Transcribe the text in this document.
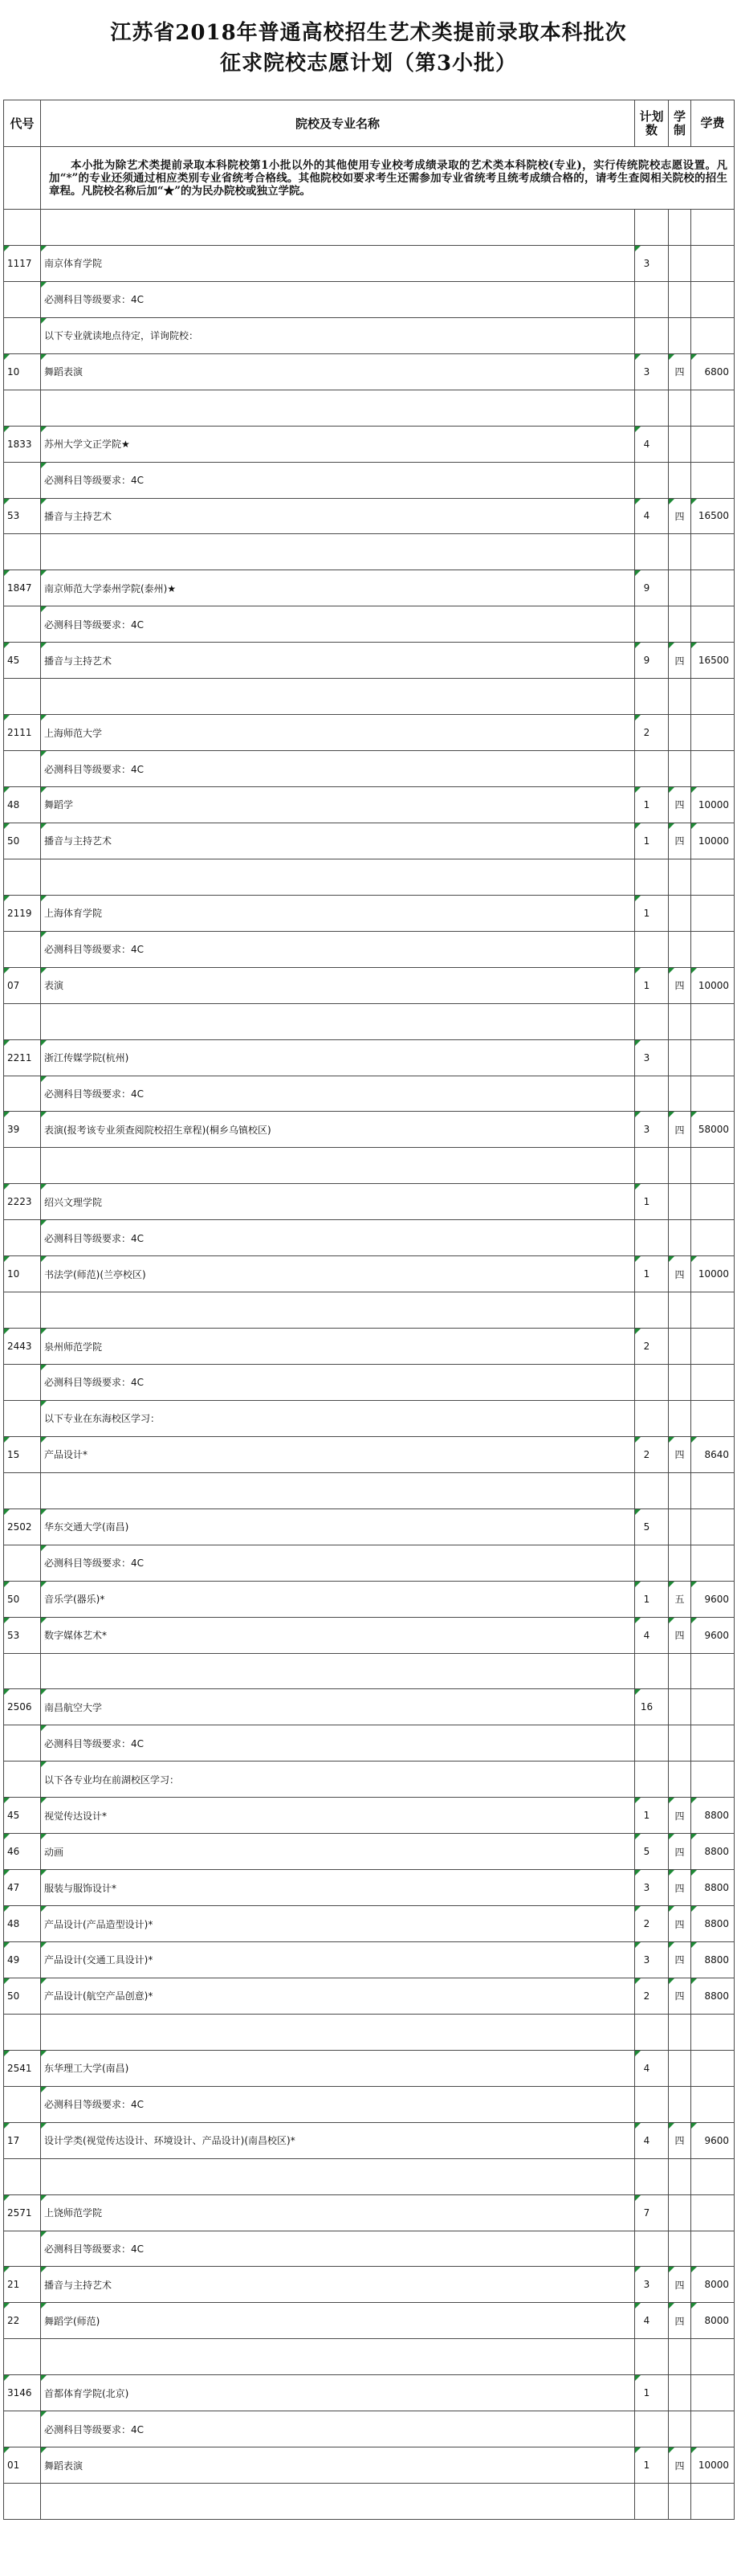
江苏省2018年普通高校招生艺术类提前录取本科批次
征求院校志愿计划（第3小批）
代号	院校及专业名称	计划数	学制	学费

	本小批为除艺术类提前录取本科院校第1小批以外的其他使用专业校考成绩录取的艺术类本科院校(专业)，实行传统院校志愿设置。凡加“*”的专业还须通过相应类别专业省统考合格线。其他院校如要求考生还需参加专业省统考且统考成绩合格的，请考生查阅相关院校的招生章程。凡院校名称后加“★”的为民办院校或独立学院。			

1117	南京体育学院	3		
	必测科目等级要求：4C			
	以下专业就读地点待定，详询院校：			
10	舞蹈表演	3	四	6800

1833	苏州大学文正学院★	4		
	必测科目等级要求：4C			
53	播音与主持艺术	4	四	16500

1847	南京师范大学泰州学院(泰州)★	9		
	必测科目等级要求：4C			
45	播音与主持艺术	9	四	16500

2111	上海师范大学	2		
	必测科目等级要求：4C			
48	舞蹈学	1	四	10000
50	播音与主持艺术	1	四	10000

2119	上海体育学院	1		
	必测科目等级要求：4C			
07	表演	1	四	10000

2211	浙江传媒学院(杭州)	3		
	必测科目等级要求：4C			
39	表演(报考该专业须查阅院校招生章程)(桐乡乌镇校区)	3	四	58000

2223	绍兴文理学院	1		
	必测科目等级要求：4C			
10	书法学(师范)(兰亭校区)	1	四	10000

2443	泉州师范学院	2		
	必测科目等级要求：4C			
	以下专业在东海校区学习：			
15	产品设计*	2	四	8640

2502	华东交通大学(南昌)	5		
	必测科目等级要求：4C			
50	音乐学(器乐)*	1	五	9600
53	数字媒体艺术*	4	四	9600

2506	南昌航空大学	16		
	必测科目等级要求：4C			
	以下各专业均在前湖校区学习：			
45	视觉传达设计*	1	四	8800
46	动画	5	四	8800
47	服装与服饰设计*	3	四	8800
48	产品设计(产品造型设计)*	2	四	8800
49	产品设计(交通工具设计)*	3	四	8800
50	产品设计(航空产品创意)*	2	四	8800

2541	东华理工大学(南昌)	4		
	必测科目等级要求：4C			
17	设计学类(视觉传达设计、环境设计、产品设计)(南昌校区)*	4	四	9600

2571	上饶师范学院	7		
	必测科目等级要求：4C			
21	播音与主持艺术	3	四	8000
22	舞蹈学(师范)	4	四	8000

3146	首都体育学院(北京)	1		
	必测科目等级要求：4C			
01	舞蹈表演	1	四	10000
